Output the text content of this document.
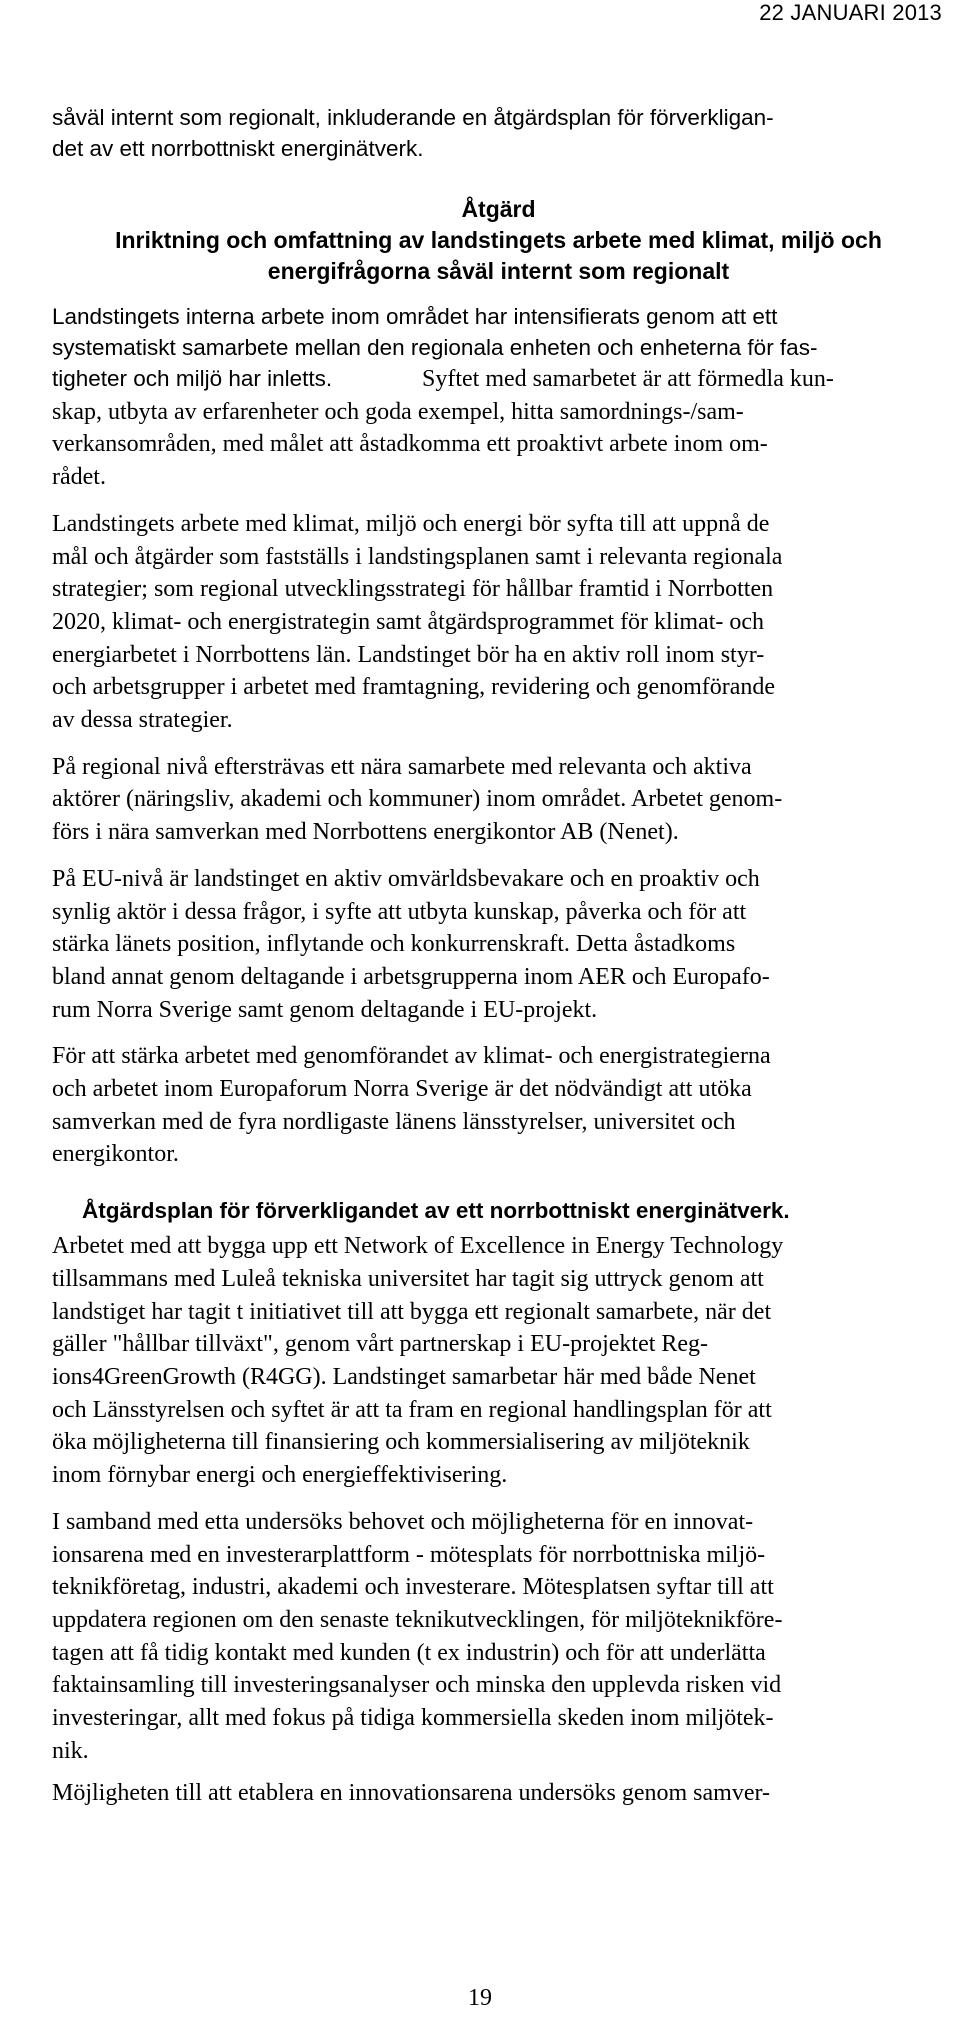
22 JANUARI 2013

såväl internt som regionalt, inkluderande en åtgärdsplan för förverkligan-
det av ett norrbottniskt energinätverk.

Åtgärd

Inriktning och omfattning av landstingets arbete med klimat, miljö och
energifrågorna såväl internt som regionalt

Landstingets interna arbete inom området har intensifierats genom att ett
systematiskt samarbete mellan den regionala enheten och enheterna för fas-
tigheter och miljö har inletts.	Syftet med samarbetet är att förmedla kun-
skap, utbyta av erfarenheter och goda exempel, hitta samordnings-/sam-
verkansområden, med målet att åstadkomma ett proaktivt arbete inom om-
rådet.

Landstingets arbete med klimat, miljö och energi bör syfta till att uppnå de
mål och åtgärder som fastställs i landstingsplanen samt i relevanta regionala
strategier; som regional utvecklingsstrategi för hållbar framtid i Norrbotten
2020, klimat- och energistrategin samt åtgärdsprogrammet för klimat- och
energiarbetet i Norrbottens län. Landstinget bör ha en aktiv roll inom styr-
och arbetsgrupper i arbetet med framtagning, revidering och genomförande
av dessa strategier.

På regional nivå eftersträvas ett nära samarbete med relevanta och aktiva
aktörer (näringsliv, akademi och kommuner) inom området. Arbetet genom-
förs i nära samverkan med Norrbottens energikontor AB (Nenet).

På EU-nivå är landstinget en aktiv omvärldsbevakare och en proaktiv och
synlig aktör i dessa frågor, i syfte att utbyta kunskap, påverka och för att
stärka länets position, inflytande och konkurrenskraft. Detta åstadkoms
bland annat genom deltagande i arbetsgrupperna inom AER och Europafo-
rum Norra Sverige samt genom deltagande i EU-projekt.

För att stärka arbetet med genomförandet av klimat- och energistrategierna
och arbetet inom Europaforum Norra Sverige är det nödvändigt att utöka
samverkan med de fyra nordligaste länens länsstyrelser, universitet och
energikontor.

Åtgärdsplan för förverkligandet av ett norrbottniskt energinätverk.

Arbetet med att bygga upp ett Network of Excellence in Energy Technology
tillsammans med Luleå tekniska universitet har tagit sig uttryck genom att
landstiget har tagit t initiativet till att bygga ett regionalt samarbete, när det
gäller "hållbar tillväxt", genom vårt partnerskap i EU-projektet Reg-
ions4GreenGrowth (R4GG). Landstinget samarbetar här med både Nenet
och Länsstyrelsen och syftet är att ta fram en regional handlingsplan för att
öka möjligheterna till finansiering och kommersialisering av miljöteknik
inom förnybar energi och energieffektivisering.

I samband med etta undersöks behovet och möjligheterna för en innovat-
ionsarena med en investerarplattform - mötesplats för norrbottniska miljö-
teknikföretag, industri, akademi och investerare. Mötesplatsen syftar till att
uppdatera regionen om den senaste teknikutvecklingen, för miljöteknikföre-
tagen att få tidig kontakt med kunden (t ex industrin) och för att underlätta
faktainsamling till investeringsanalyser och minska den upplevda risken vid
investeringar, allt med fokus på tidiga kommersiella skeden inom miljötek-
nik.

Möjligheten till att etablera en innovationsarena undersöks genom samver-

19
